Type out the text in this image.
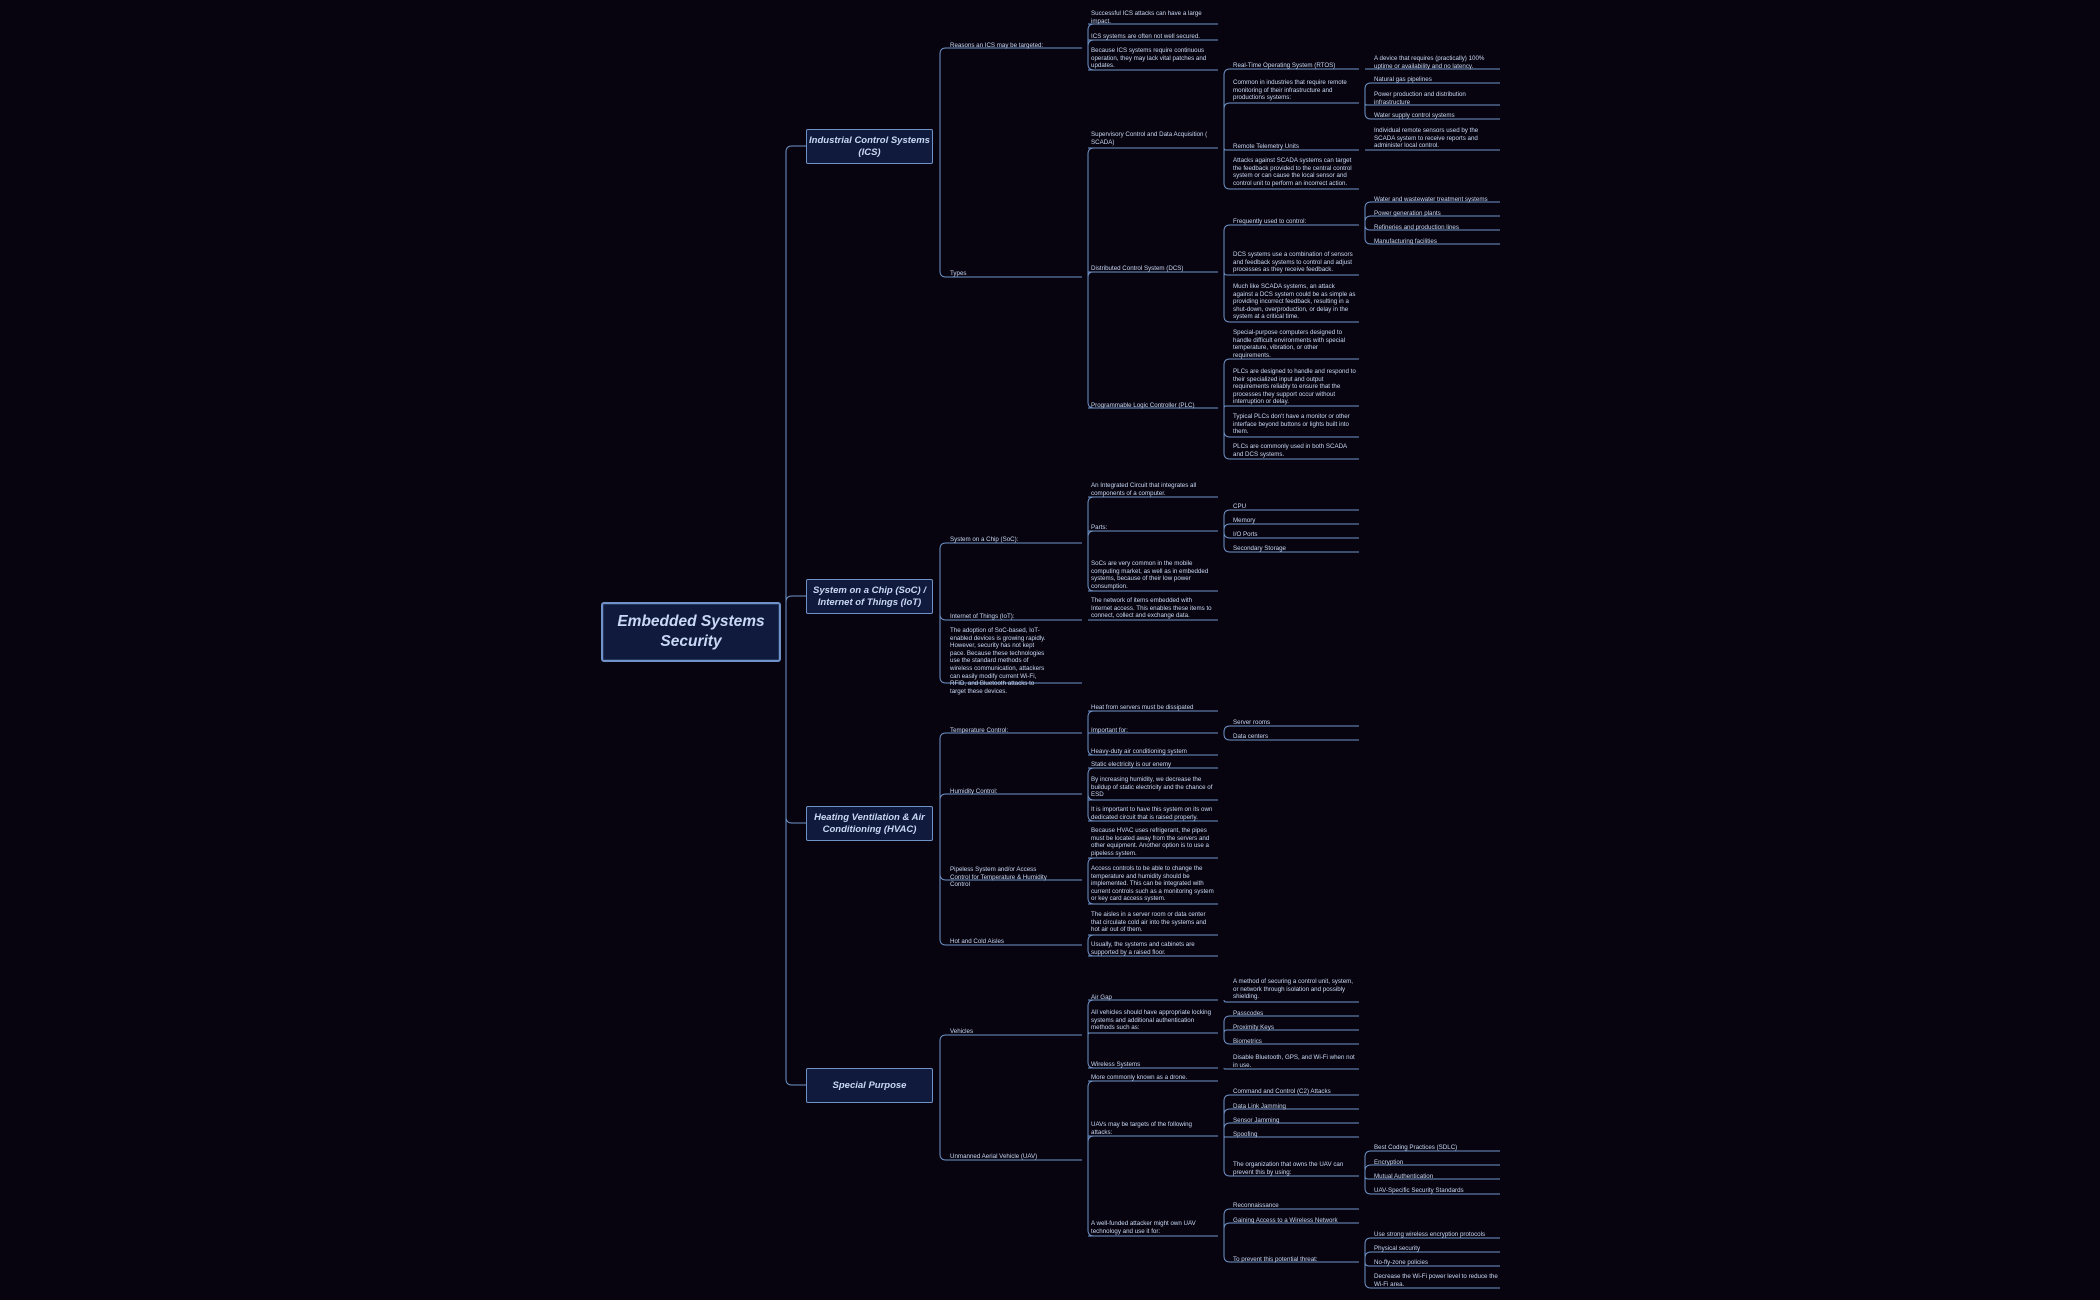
Embedded Systems Security
Industrial Control Systems (ICS)
Reasons an ICS may be targeted:
Successful ICS attacks can have a large impact.
ICS systems are often not well secured.
Because ICS systems require continuous operation, they may lack vital patches and updates.
Types
Supervisory Control and Data Acquisition ( SCADA)
Real-Time Operating System (RTOS)
A device that requires (practically) 100% uptime or availability and no latency.
Common in industries that require remote monitoring of their infrastructure and productions systems:
Natural gas pipelines
Power production and distribution infrastructure
Water supply control systems
Remote Telemetry Units
Individual remote sensors used by the SCADA system to receive reports and administer local control.
Attacks against SCADA systems can target the feedback provided to the central control system or can cause the local sensor and control unit to perform an incorrect action.
Distributed Control System (DCS)
Frequently used to control:
Water and wastewater treatment systems
Power generation plants
Refineries and production lines
Manufacturing facilities
DCS systems use a combination of sensors and feedback systems to control and adjust processes as they receive feedback.
Much like SCADA systems, an attack against a DCS system could be as simple as providing incorrect feedback, resulting in a shut-down, overproduction, or delay in the system at a critical time.
Programmable Logic Controller (PLC)
Special-purpose computers designed to handle difficult environments with special temperature, vibration, or other requirements.
PLCs are designed to handle and respond to their specialized input and output requirements reliably to ensure that the processes they support occur without interruption or delay.
Typical PLCs don't have a monitor or other interface beyond buttons or lights built into them.
PLCs are commonly used in both SCADA and DCS systems.
System on a Chip (SoC) / Internet of Things (IoT)
System on a Chip (SoC):
An Integrated Circuit that integrates all components of a computer.
Parts:
CPU
Memory
I/O Ports
Secondary Storage
SoCs are very common in the mobile computing market, as well as in embedded systems, because of their low power consumption.
Internet of Things (IoT):
The network of items embedded with Internet access. This enables these items to connect, collect and exchange data.
The adoption of SoC-based, IoT-enabled devices is growing rapidly. However, security has not kept pace. Because these technologies use the standard methods of wireless communication, attackers can easily modify current Wi-Fi, RFID, and Bluetooth attacks to target these devices.
Heating Ventilation & Air Conditioning (HVAC)
Temperature Control:
Heat from servers must be dissipated
Important for:
Server rooms
Data centers
Heavy-duty air conditioning system
Humidity Control:
Static electricity is our enemy
By increasing humidity, we decrease the buildup of static electricity and the chance of ESD
It is important to have this system on its own dedicated circuit that is raised properly.
Pipeless System and/or Access Control for Temperature & Humidity Control
Because HVAC uses refrigerant, the pipes must be located away from the servers and other equipment. Another option is to use a pipeless system.
Access controls to be able to change the temperature and humidity should be implemented. This can be integrated with current controls such as a monitoring system or key card access system.
Hot and Cold Aisles
The aisles in a server room or data center that circulate cold air into the systems and hot air out of them.
Usually, the systems and cabinets are supported by a raised floor.
Special Purpose
Vehicles
Air Gap
A method of securing a control unit, system, or network through isolation and possibly shielding.
All vehicles should have appropriate locking systems and additional authentication methods such as:
Passcodes
Proximity Keys
Biometrics
Wireless Systems
Disable Bluetooth, GPS, and Wi-Fi when not in use.
Unmanned Aerial Vehicle (UAV)
More commonly known as a drone.
UAVs may be targets of the following attacks:
Command and Control (C2) Attacks
Data Link Jamming
Sensor Jamming
Spoofing
The organization that owns the UAV can prevent this by using:
Best Coding Practices (SDLC)
Encryption
Mutual Authentication
UAV-Specific Security Standards
A well-funded attacker might own UAV technology and use it for:
Reconnaissance
Gaining Access to a Wireless Network
To prevent this potential threat:
Use strong wireless encryption protocols
Physical security
No-fly-zone policies
Decrease the Wi-Fi power level to reduce the Wi-Fi area.
